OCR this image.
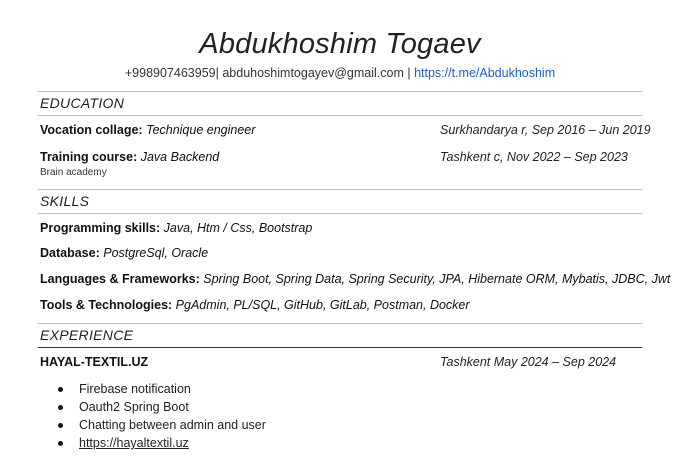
Abdukhoshim Togaev
+998907463959| abduhoshimtogayev@gmail.com | https://t.me/Abdukhoshim
EDUCATION
Vocation collage: Technique engineer	Surkhandarya r, Sep 2016 – Jun 2019
Training course: Java Backend	Tashkent c, Nov 2022 – Sep 2023
Brain academy
SKILLS
Programming skills: Java, Htm / Css, Bootstrap
Database: PostgreSql, Oracle
Languages & Frameworks: Spring Boot, Spring Data, Spring Security, JPA, Hibernate ORM, Mybatis, JDBC, Jwt
Tools & Technologies: PgAdmin, PL/SQL, GitHub, GitLab, Postman, Docker
EXPERIENCE
HAYAL-TEXTIL.UZ	Tashkent May 2024 – Sep 2024
Firebase notification
Oauth2 Spring Boot
Chatting between admin and user
https://hayaltextil.uz
